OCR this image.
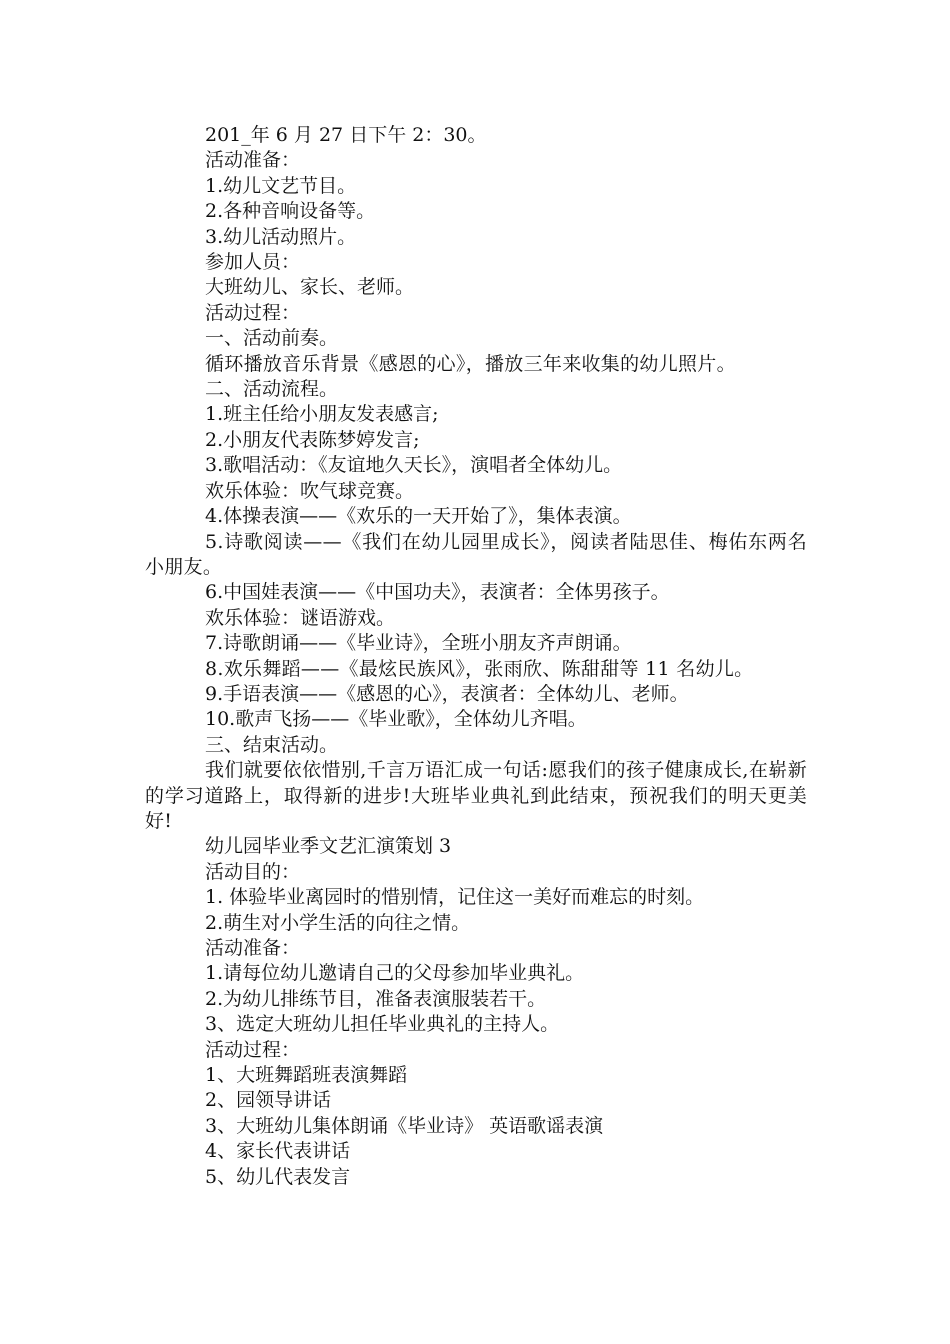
201_年 6 月 27 日下午 2：30。
活动准备：
1.幼儿文艺节目。
2.各种音响设备等。
3.幼儿活动照片。
参加人员：
大班幼儿、家长、老师。
活动过程：
一、活动前奏。
循环播放音乐背景《感恩的心》，播放三年来收集的幼儿照片。
二、活动流程。
1.班主任给小朋友发表感言;
2.小朋友代表陈梦婷发言;
3.歌唱活动：《友谊地久天长》，演唱者全体幼儿。
欢乐体验：吹气球竞赛。
4.体操表演——《欢乐的一天开始了》，集体表演。
5.诗歌阅读——《我们在幼儿园里成长》，阅读者陆思佳、梅佑东两名小朋友。
6.中国娃表演——《中国功夫》，表演者：全体男孩子。
欢乐体验：谜语游戏。
7.诗歌朗诵——《毕业诗》，全班小朋友齐声朗诵。
8.欢乐舞蹈——《最炫民族风》，张雨欣、陈甜甜等 11 名幼儿。
9.手语表演——《感恩的心》，表演者：全体幼儿、老师。
10.歌声飞扬——《毕业歌》，全体幼儿齐唱。
三、结束活动。
我们就要依依惜别,千言万语汇成一句话:愿我们的孩子健康成长,在崭新的学习道路上，取得新的进步!大班毕业典礼到此结束，预祝我们的明天更美好!
幼儿园毕业季文艺汇演策划 3
活动目的：
1. 体验毕业离园时的惜别情，记住这一美好而难忘的时刻。
2.萌生对小学生活的向往之情。
活动准备：
1.请每位幼儿邀请自己的父母参加毕业典礼。
2.为幼儿排练节目，准备表演服装若干。
3、选定大班幼儿担任毕业典礼的主持人。
活动过程：
1、大班舞蹈班表演舞蹈
2、园领导讲话
3、大班幼儿集体朗诵《毕业诗》 英语歌谣表演
4、家长代表讲话
5、幼儿代表发言
